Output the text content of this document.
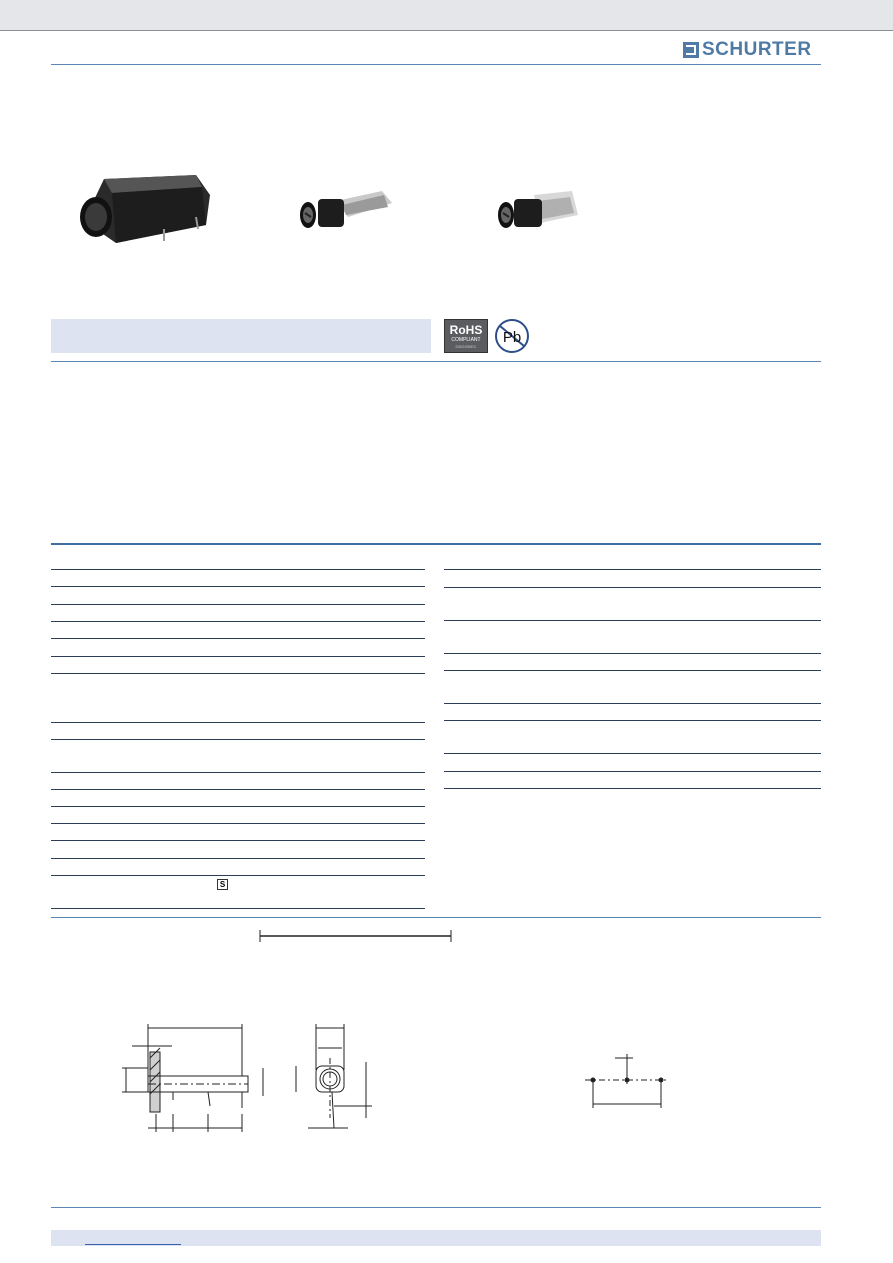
SCHURTER
RoHS
COMPLIANT
2002/95/EC
Pb
S
